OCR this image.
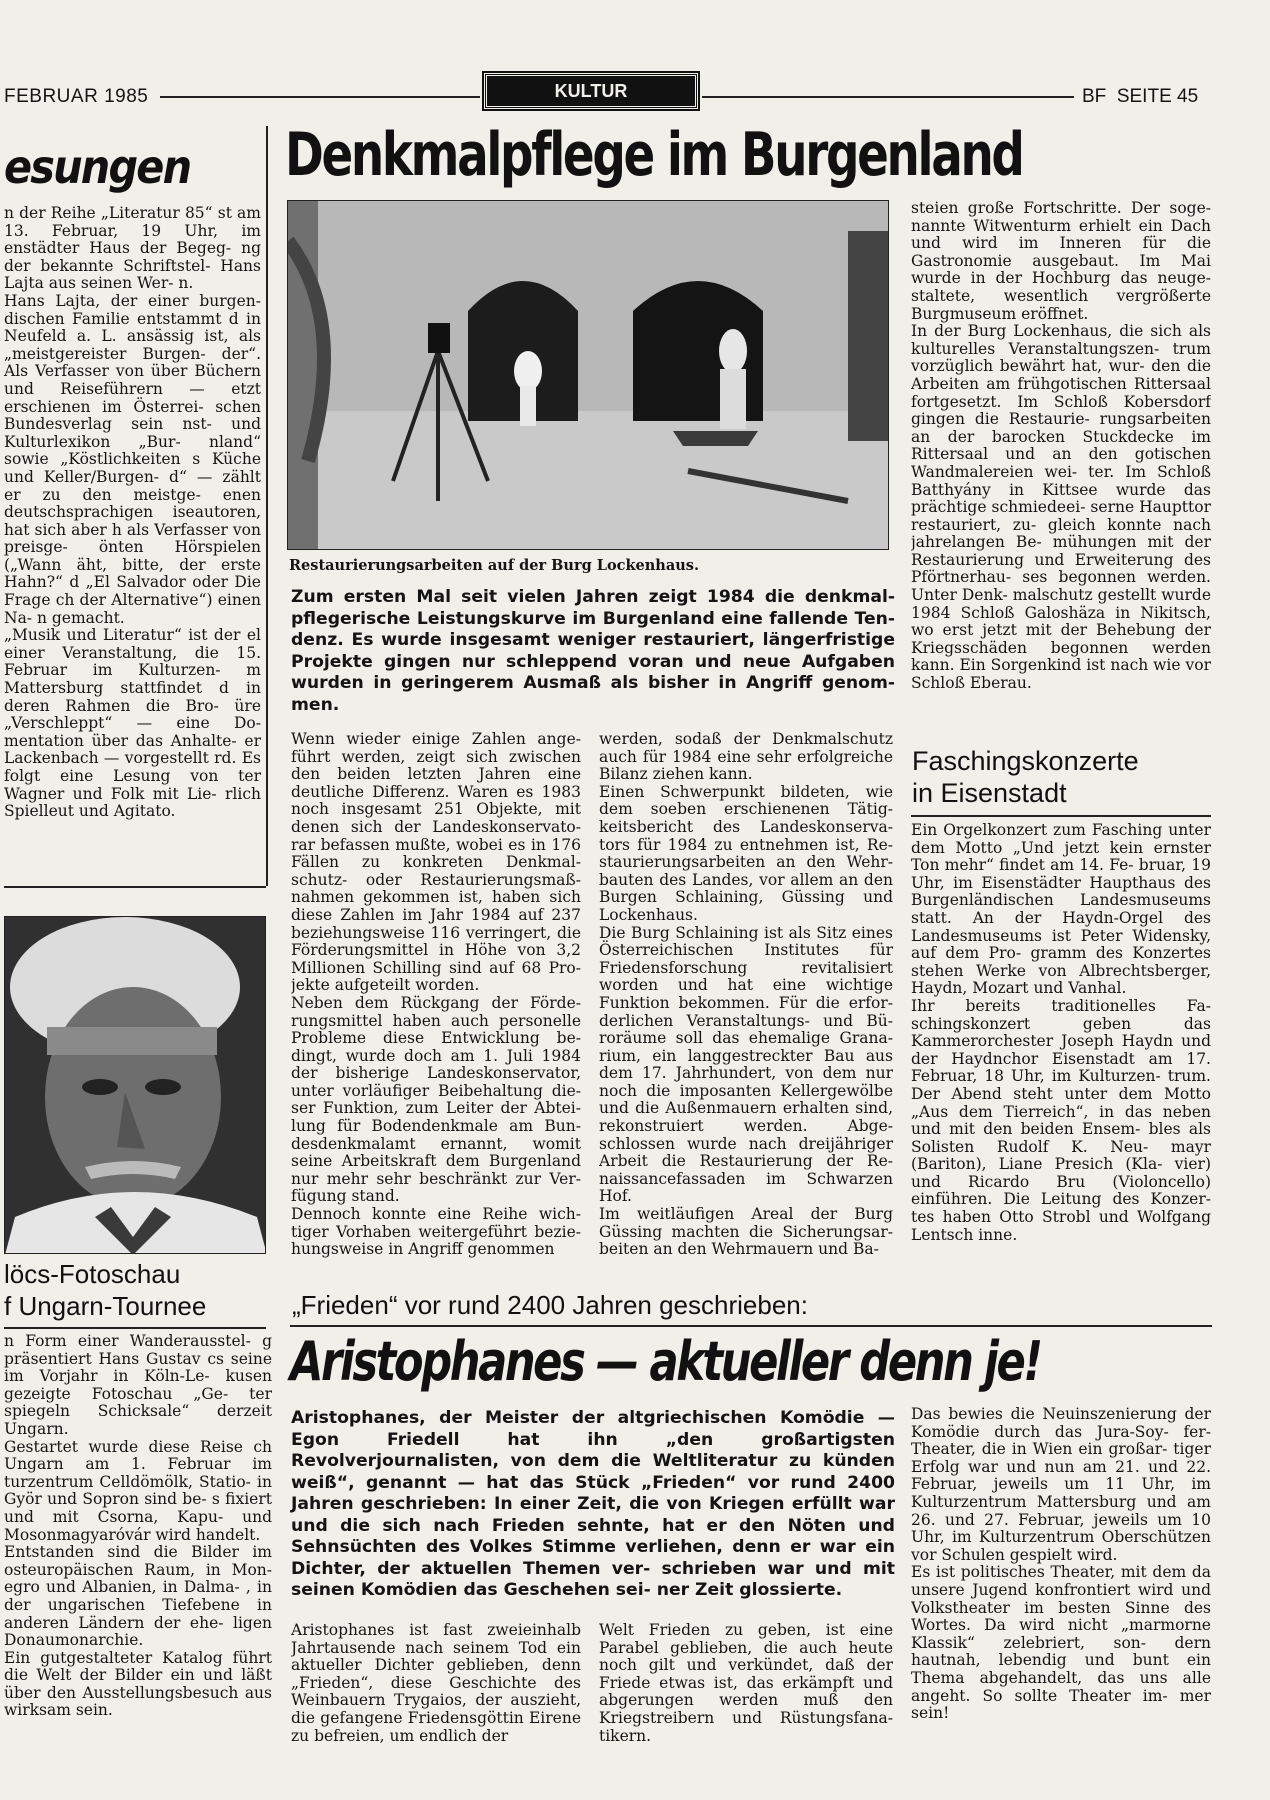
FEBRUAR 1985	KULTUR	BF  SEITE 45
esungen

n der Reihe „Literatur 85“ st am 13. Februar, 19 Uhr, im enstädter Haus der Begeg- ng der bekannte Schriftstel- Hans Lajta aus seinen Wer- n.

Hans Lajta, der einer burgen- dischen Familie entstammt d in Neufeld a. L. ansässig ist, als „meistgereister Burgen- der“. Als Verfasser von über Büchern und Reiseführern — etzt erschienen im Österrei- schen Bundesverlag sein nst- und Kulturlexikon „Bur- nland“ sowie „Köstlichkeiten s Küche und Keller/Burgen- d“ — zählt er zu den meistge- enen deutschsprachigen iseautoren, hat sich aber h als Verfasser von preisge- önten Hörspielen („Wann äht, bitte, der erste Hahn?“ d „El Salvador oder Die Frage ch der Alternative“) einen Na- n gemacht.

„Musik und Literatur“ ist der el einer Veranstaltung, die 15. Februar im Kulturzen- m Mattersburg stattfindet d in deren Rahmen die Bro- üre „Verschleppt“ — eine Do- mentation über das Anhalte- er Lackenbach — vorgestellt rd. Es folgt eine Lesung von ter Wagner und Folk mit Lie- rlich Spielleut und Agitato.

löcs-Fotoschau
f Ungarn-Tournee

n Form einer Wanderausstel- g präsentiert Hans Gustav cs seine im Vorjahr in Köln-Le- kusen gezeigte Fotoschau „Ge- ter spiegeln Schicksale“ derzeit Ungarn.

Gestartet wurde diese Reise ch Ungarn am 1. Februar im turzentrum Celldömölk, Statio- in Györ und Sopron sind be- s fixiert und mit Csorna, Kapu- und Mosonmagyaróvár wird handelt.

Entstanden sind die Bilder im osteuropäischen Raum, in Mon- egro und Albanien, in Dalma- , in der ungarischen Tiefebene in anderen Ländern der ehe- ligen Donaumonarchie.

Ein gutgestalteter Katalog führt die Welt der Bilder ein und läßt über den Ausstellungsbesuch aus wirksam sein.

Denkmalpflege im Burgenland
Restaurierungsarbeiten auf der Burg Lockenhaus.
Zum ersten Mal seit vielen Jahren zeigt 1984 die denkmal- pflegerische Leistungskurve im Burgenland eine fallende Ten- denz. Es wurde insgesamt weniger restauriert, längerfristige Projekte gingen nur schleppend voran und neue Aufgaben wurden in geringerem Ausmaß als bisher in Angriff genom- men.

Wenn wieder einige Zahlen ange- führt werden, zeigt sich zwischen den beiden letzten Jahren eine deutliche Differenz. Waren es 1983 noch insgesamt 251 Objekte, mit denen sich der Landeskonservato- rar befassen mußte, wobei es in 176 Fällen zu konkreten Denkmal- schutz- oder Restaurierungsmaß- nahmen gekommen ist, haben sich diese Zahlen im Jahr 1984 auf 237 beziehungsweise 116 verringert, die Förderungsmittel in Höhe von 3,2 Millionen Schilling sind auf 68 Pro- jekte aufgeteilt worden.

Neben dem Rückgang der Förde- rungsmittel haben auch personelle Probleme diese Entwicklung be- dingt, wurde doch am 1. Juli 1984 der bisherige Landeskonservator, unter vorläufiger Beibehaltung die- ser Funktion, zum Leiter der Abtei- lung für Bodendenkmale am Bun- desdenkmalamt ernannt, womit seine Arbeitskraft dem Burgenland nur mehr sehr beschränkt zur Ver- fügung stand.

Dennoch konnte eine Reihe wich- tiger Vorhaben weitergeführt bezie- hungsweise in Angriff genommen

werden, sodaß der Denkmalschutz auch für 1984 eine sehr erfolgreiche Bilanz ziehen kann.

Einen Schwerpunkt bildeten, wie dem soeben erschienenen Tätig- keitsbericht des Landeskonserva- tors für 1984 zu entnehmen ist, Re- staurierungsarbeiten an den Wehr- bauten des Landes, vor allem an den Burgen Schlaining, Güssing und Lockenhaus.

Die Burg Schlaining ist als Sitz eines Österreichischen Institutes für Friedensforschung revitalisiert worden und hat eine wichtige Funktion bekommen. Für die erfor- derlichen Veranstaltungs- und Bü- roräume soll das ehemalige Grana- rium, ein langgestreckter Bau aus dem 17. Jahrhundert, von dem nur noch die imposanten Kellergewölbe und die Außenmauern erhalten sind, rekonstruiert werden. Abge- schlossen wurde nach dreijähriger Arbeit die Restaurierung der Re- naissancefassaden im Schwarzen Hof.

Im weitläufigen Areal der Burg Güssing machten die Sicherungsar- beiten an den Wehrmauern und Ba-

steien große Fortschritte. Der soge- nannte Witwenturm erhielt ein Dach und wird im Inneren für die Gastronomie ausgebaut. Im Mai wurde in der Hochburg das neuge- staltete, wesentlich vergrößerte Burgmuseum eröffnet.

In der Burg Lockenhaus, die sich als kulturelles Veranstaltungszen- trum vorzüglich bewährt hat, wur- den die Arbeiten am frühgotischen Rittersaal fortgesetzt. Im Schloß Kobersdorf gingen die Restaurie- rungsarbeiten an der barocken Stuckdecke im Rittersaal und an den gotischen Wandmalereien wei- ter. Im Schloß Batthyány in Kittsee wurde das prächtige schmiedeei- serne Haupttor restauriert, zu- gleich konnte nach jahrelangen Be- mühungen mit der Restaurierung und Erweiterung des Pförtnerhau- ses begonnen werden. Unter Denk- malschutz gestellt wurde 1984 Schloß Galoshäza in Nikitsch, wo erst jetzt mit der Behebung der Kriegsschäden begonnen werden kann. Ein Sorgenkind ist nach wie vor Schloß Eberau.

Faschingskonzerte
in Eisenstadt

Ein Orgelkonzert zum Fasching unter dem Motto „Und jetzt kein ernster Ton mehr“ findet am 14. Fe- bruar, 19 Uhr, im Eisenstädter Haupthaus des Burgenländischen Landesmuseums statt. An der Haydn-Orgel des Landesmuseums ist Peter Widensky, auf dem Pro- gramm des Konzertes stehen Werke von Albrechtsberger, Haydn, Mozart und Vanhal.

Ihr bereits traditionelles Fa- schingskonzert geben das Kammerorchester Joseph Haydn und der Haydnchor Eisenstadt am 17. Februar, 18 Uhr, im Kulturzen- trum. Der Abend steht unter dem Motto „Aus dem Tierreich“, in das neben und mit den beiden Ensem- bles als Solisten Rudolf K. Neu- mayr (Bariton), Liane Presich (Kla- vier) und Ricardo Bru (Violoncello) einführen. Die Leitung des Konzer- tes haben Otto Strobl und Wolfgang Lentsch inne.

„Frieden“ vor rund 2400 Jahren geschrieben:
Aristophanes — aktueller denn je!
Aristophanes, der Meister der altgriechischen Komödie — Egon Friedell hat ihn „den großartigsten Revolverjournalisten, von dem die Weltliteratur zu künden weiß“, genannt — hat das Stück „Frieden“ vor rund 2400 Jahren geschrieben: In einer Zeit, die von Kriegen erfüllt war und die sich nach Frieden sehnte, hat er den Nöten und Sehnsüchten des Volkes Stimme verliehen, denn er war ein Dichter, der aktuellen Themen ver- schrieben war und mit seinen Komödien das Geschehen sei- ner Zeit glossierte.

Aristophanes ist fast zweieinhalb Jahrtausende nach seinem Tod ein aktueller Dichter geblieben, denn „Frieden“, diese Geschichte des Weinbauern Trygaios, der auszieht, die gefangene Friedensgöttin Eirene zu befreien, um endlich der

Welt Frieden zu geben, ist eine Parabel geblieben, die auch heute noch gilt und verkündet, daß der Friede etwas ist, das erkämpft und abgerungen werden muß den Kriegstreibern und Rüstungsfana- tikern.

Das bewies die Neuinszenierung der Komödie durch das Jura-Soy- fer-Theater, die in Wien ein großar- tiger Erfolg war und nun am 21. und 22. Februar, jeweils um 11 Uhr, im Kulturzentrum Mattersburg und am 26. und 27. Februar, jeweils um 10 Uhr, im Kulturzentrum Oberschützen vor Schulen gespielt wird.

Es ist politisches Theater, mit dem da unsere Jugend konfrontiert wird und Volkstheater im besten Sinne des Wortes. Da wird nicht „marmorne Klassik“ zelebriert, son- dern hautnah, lebendig und bunt ein Thema abgehandelt, das uns alle angeht. So sollte Theater im- mer sein!
